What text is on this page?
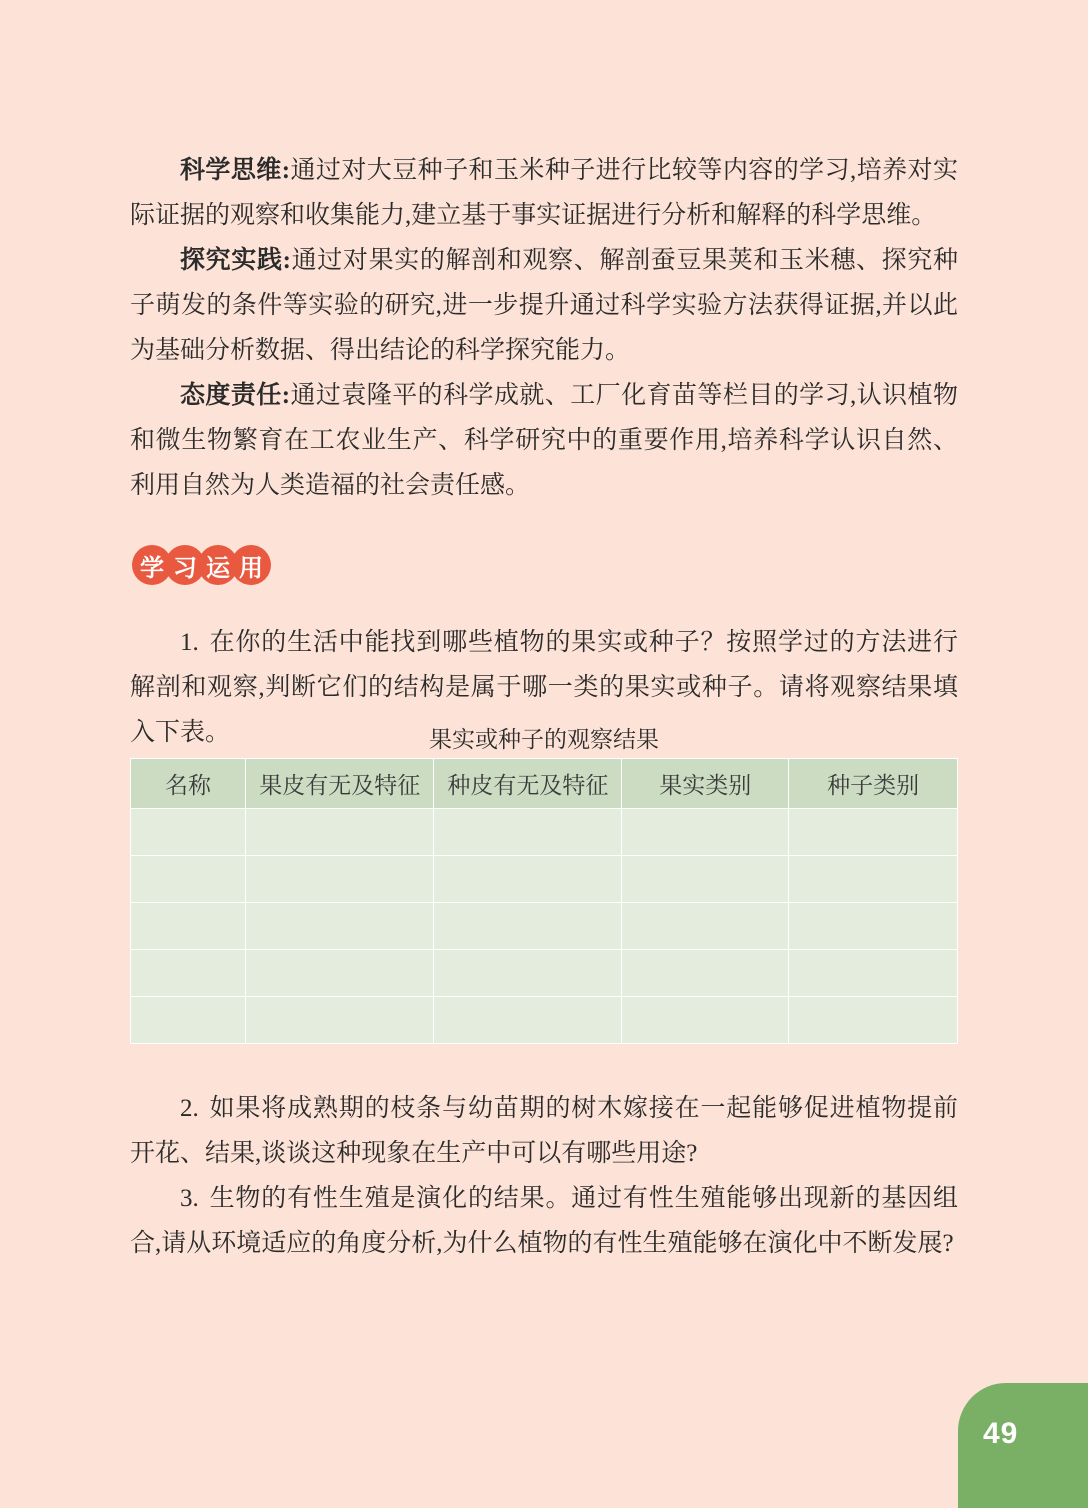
科学思维:通过对大豆种子和玉米种子进行比较等内容的学习,培养对实际证据的观察和收集能力,建立基于事实证据进行分析和解释的科学思维。

探究实践:通过对果实的解剖和观察、解剖蚕豆果荚和玉米穗、探究种子萌发的条件等实验的研究,进一步提升通过科学实验方法获得证据,并以此为基础分析数据、得出结论的科学探究能力。

态度责任:通过袁隆平的科学成就、工厂化育苗等栏目的学习,认识植物和微生物繁育在工农业生产、科学研究中的重要作用,培养科学认识自然、利用自然为人类造福的社会责任感。

学 习 运 用

1. 在你的生活中能找到哪些植物的果实或种子？按照学过的方法进行解剖和观察,判断它们的结构是属于哪一类的果实或种子。请将观察结果填入下表。	果实或种子的观察结果
名称	果皮有无及特征	种皮有无及特征	果实类别	种子类别

2. 如果将成熟期的枝条与幼苗期的树木嫁接在一起能够促进植物提前开花、结果,谈谈这种现象在生产中可以有哪些用途?

3. 生物的有性生殖是演化的结果。通过有性生殖能够出现新的基因组合,请从环境适应的角度分析,为什么植物的有性生殖能够在演化中不断发展?

49
